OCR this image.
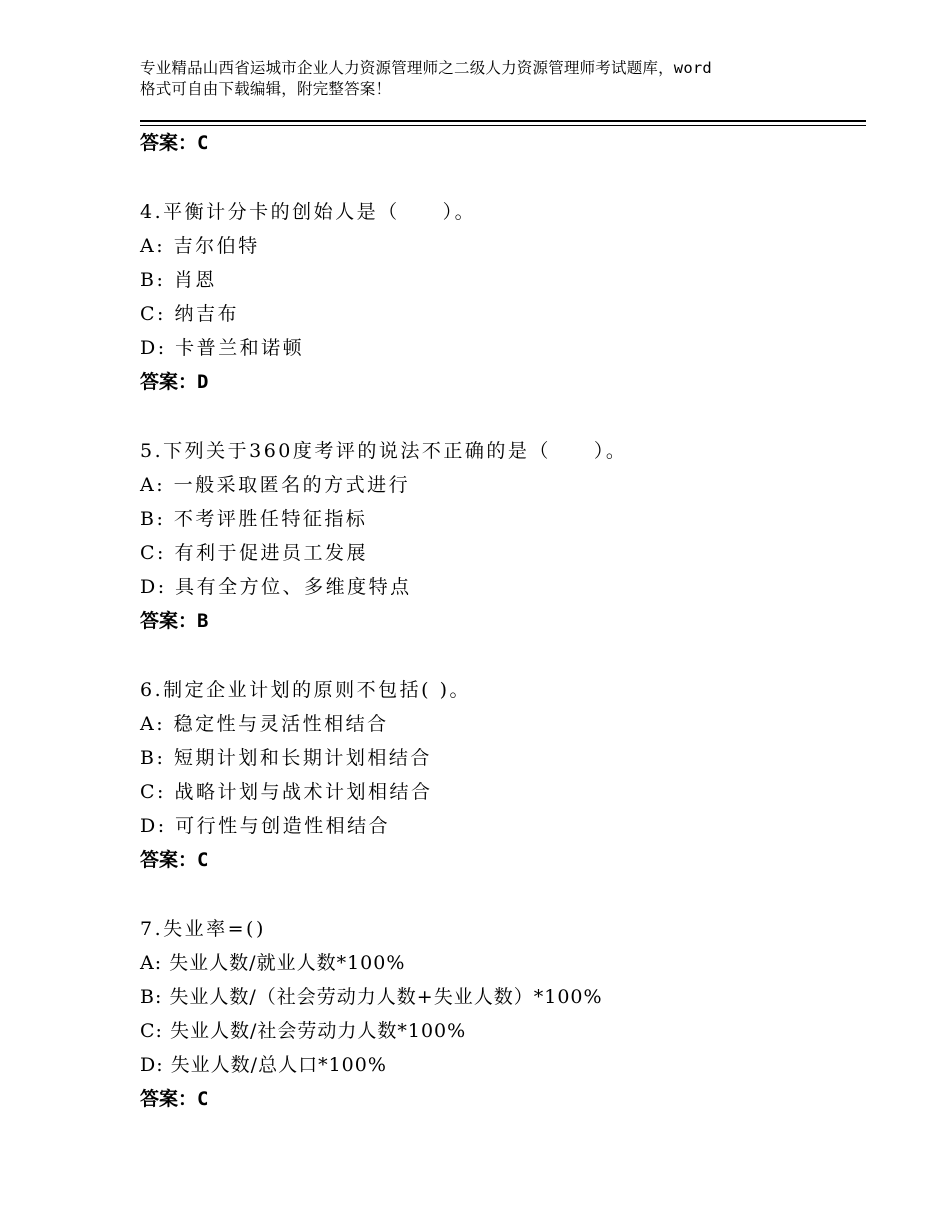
专业精品山西省运城市企业人力资源管理师之二级人力资源管理师考试题库，word
格式可自由下载编辑，附完整答案！
答案：C
4.平衡计分卡的创始人是（　　）。
A: 吉尔伯特
B: 肖恩
C: 纳吉布
D: 卡普兰和诺顿
答案：D
5.下列关于360度考评的说法不正确的是（　　）。
A: 一般采取匿名的方式进行
B: 不考评胜任特征指标
C: 有利于促进员工发展
D: 具有全方位、多维度特点
答案：B
6.制定企业计划的原则不包括( )。
A: 稳定性与灵活性相结合
B: 短期计划和长期计划相结合
C: 战略计划与战术计划相结合
D: 可行性与创造性相结合
答案：C
7.失业率=()
A: 失业人数/就业人数*100%
B: 失业人数/（社会劳动力人数+失业人数）*100%
C: 失业人数/社会劳动力人数*100%
D: 失业人数/总人口*100%
答案：C
